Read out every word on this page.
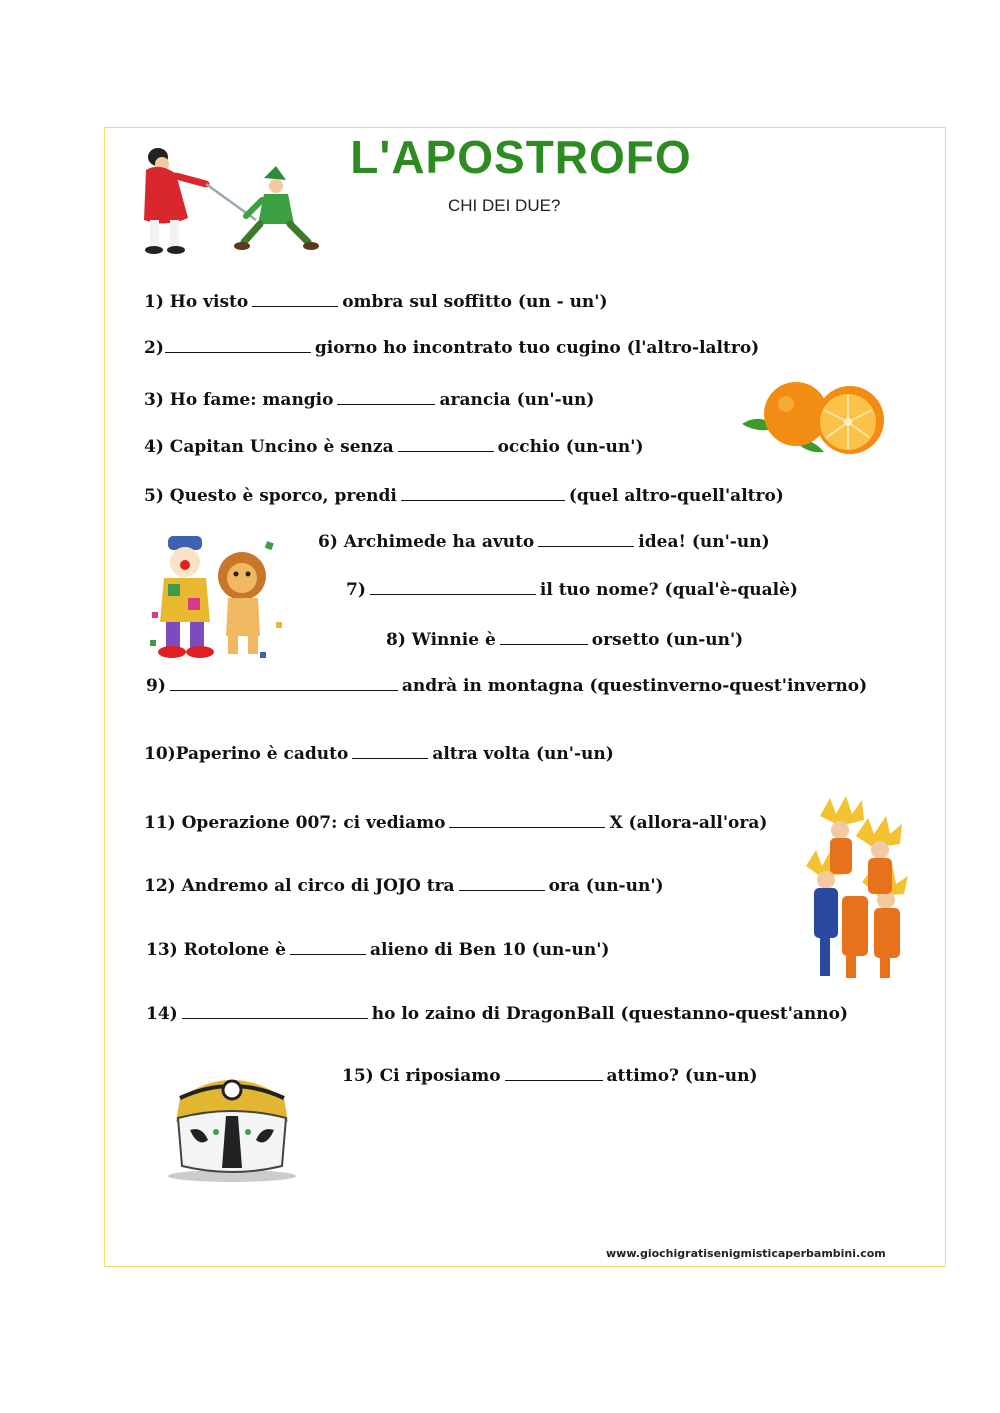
L'APOSTROFO

CHI DEI DUE?

1) Ho visto	ombra sul soffitto (un - un')

2)	giorno ho incontrato tuo cugino (l'altro-laltro)

3) Ho fame: mangio	arancia (un'-un)

4) Capitan Uncino è senza	occhio (un-un')

5) Questo è sporco, prendi	(quel altro-quell'altro)

6) Archimede ha avuto	idea! (un'-un)

7)	il tuo nome? (qual'è-qualè)

8) Winnie è	orsetto (un-un')

9)	andrà in montagna (questinverno-quest'inverno)

10)Paperino è caduto	altra volta (un'-un)

11) Operazione 007: ci vediamo	X (allora-all'ora)

12) Andremo al circo di JOJO tra	ora (un-un')

13) Rotolone è	alieno di Ben 10 (un-un')

14)	ho lo zaino di DragonBall (questanno-quest'anno)

15) Ci riposiamo	attimo? (un-un)

www.giochigratisenigmisticaperbambini.com
